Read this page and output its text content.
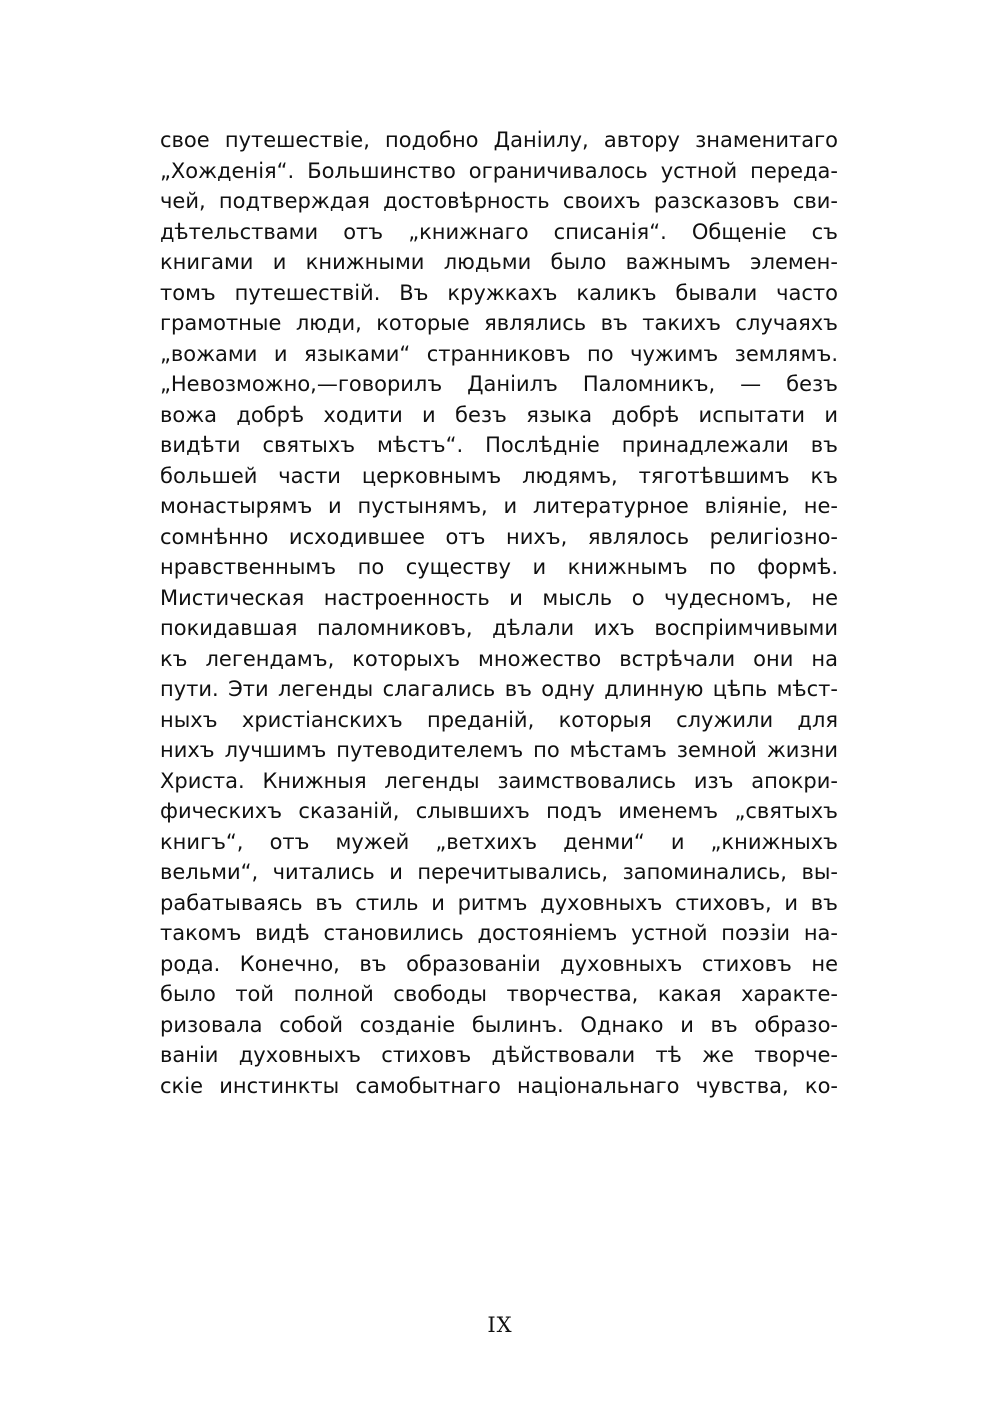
свое путешествіе, подобно Даніилу, автору знаменитаго
„Хожденія“. Большинство ограничивалось устной переда-
чей, подтверждая достовѣрность своихъ разсказовъ сви-
дѣтельствами отъ „книжнаго списанія“. Общеніе съ
книгами и книжными людьми было важнымъ элемен-
томъ путешествій. Въ кружкахъ каликъ бывали часто
грамотные люди, которые являлись въ такихъ случаяхъ
„вожами и языками“ странниковъ по чужимъ землямъ.
„Невозможно,—говорилъ Даніилъ Паломникъ, — безъ
вожа добрѣ ходити и безъ языка добрѣ испытати и
видѣти святыхъ мѣстъ“. Послѣдніе принадлежали въ
большей части церковнымъ людямъ, тяготѣвшимъ къ
монастырямъ и пустынямъ, и литературное вліяніе, не-
сомнѣнно исходившее отъ нихъ, являлось религіозно-
нравственнымъ по существу и книжнымъ по формѣ.
Мистическая настроенность и мысль о чудесномъ, не
покидавшая паломниковъ, дѣлали ихъ воспріимчивыми
къ легендамъ, которыхъ множество встрѣчали они на
пути. Эти легенды слагались въ одну длинную цѣпь мѣст-
ныхъ христіанскихъ преданій, которыя служили для
нихъ лучшимъ путеводителемъ по мѣстамъ земной жизни
Христа. Книжныя легенды заимствовались изъ апокри-
фическихъ сказаній, слывшихъ подъ именемъ „святыхъ
книгъ“, отъ мужей „ветхихъ денми“ и „книжныхъ
вельми“, читались и перечитывались, запоминались, вы-
рабатываясь въ стиль и ритмъ духовныхъ стиховъ, и въ
такомъ видѣ становились достояніемъ устной поэзіи на-
рода. Конечно, въ образованіи духовныхъ стиховъ не
было той полной свободы творчества, какая характе-
ризовала собой созданіе былинъ. Однако и въ образо-
ваніи духовныхъ стиховъ дѣйствовали тѣ же творче-
скіе инстинкты самобытнаго національнаго чувства, ко-
IX
